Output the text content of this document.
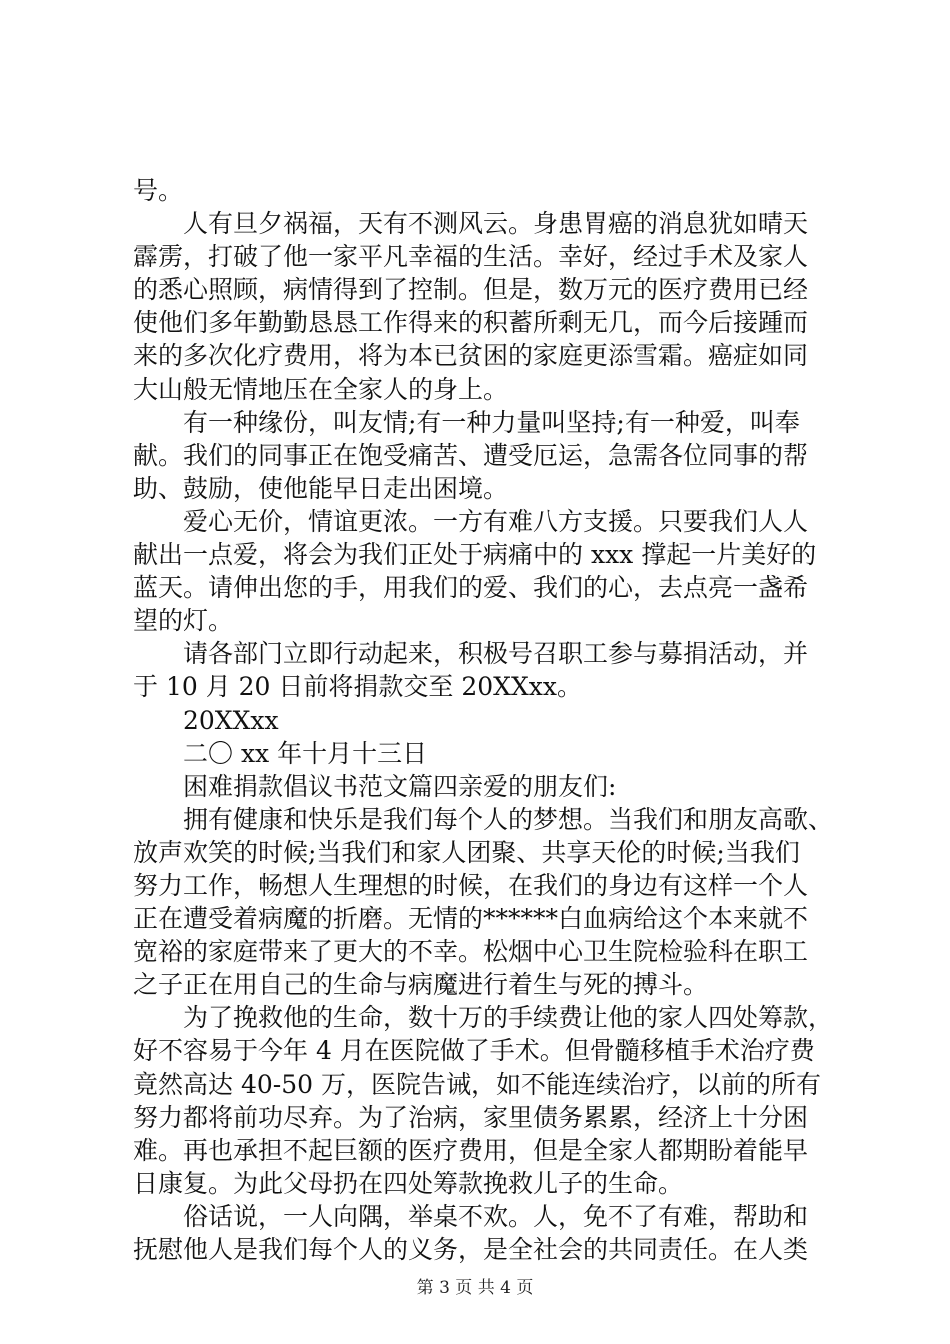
号。
人有旦夕祸福，天有不测风云。身患胃癌的消息犹如晴天
霹雳，打破了他一家平凡幸福的生活。幸好，经过手术及家人
的悉心照顾，病情得到了控制。但是，数万元的医疗费用已经
使他们多年勤勤恳恳工作得来的积蓄所剩无几，而今后接踵而
来的多次化疗费用，将为本已贫困的家庭更添雪霜。癌症如同
大山般无情地压在全家人的身上。
有一种缘份，叫友情;有一种力量叫坚持;有一种爱，叫奉
献。我们的同事正在饱受痛苦、遭受厄运，急需各位同事的帮
助、鼓励，使他能早日走出困境。
爱心无价，情谊更浓。一方有难八方支援。只要我们人人
献出一点爱，将会为我们正处于病痛中的 xxx 撑起一片美好的
蓝天。请伸出您的手，用我们的爱、我们的心，去点亮一盏希
望的灯。
请各部门立即行动起来，积极号召职工参与募捐活动，并
于 10 月 20 日前将捐款交至 20XXxx。
20XXxx
二〇 xx 年十月十三日
困难捐款倡议书范文篇四亲爱的朋友们:
拥有健康和快乐是我们每个人的梦想。当我们和朋友高歌、
放声欢笑的时候;当我们和家人团聚、共享天伦的时候;当我们
努力工作，畅想人生理想的时候，在我们的身边有这样一个人
正在遭受着病魔的折磨。无情的******白血病给这个本来就不
宽裕的家庭带来了更大的不幸。松烟中心卫生院检验科在职工
之子正在用自己的生命与病魔进行着生与死的搏斗。
为了挽救他的生命，数十万的手续费让他的家人四处筹款，
好不容易于今年 4 月在医院做了手术。但骨髓移植手术治疗费
竟然高达 40-50 万，医院告诫，如不能连续治疗，以前的所有
努力都将前功尽弃。为了治病，家里债务累累，经济上十分困
难。再也承担不起巨额的医疗费用，但是全家人都期盼着能早
日康复。为此父母扔在四处筹款挽救儿子的生命。
俗话说，一人向隅，举桌不欢。人，免不了有难，帮助和
抚慰他人是我们每个人的义务，是全社会的共同责任。在人类
第 3 页 共 4 页
